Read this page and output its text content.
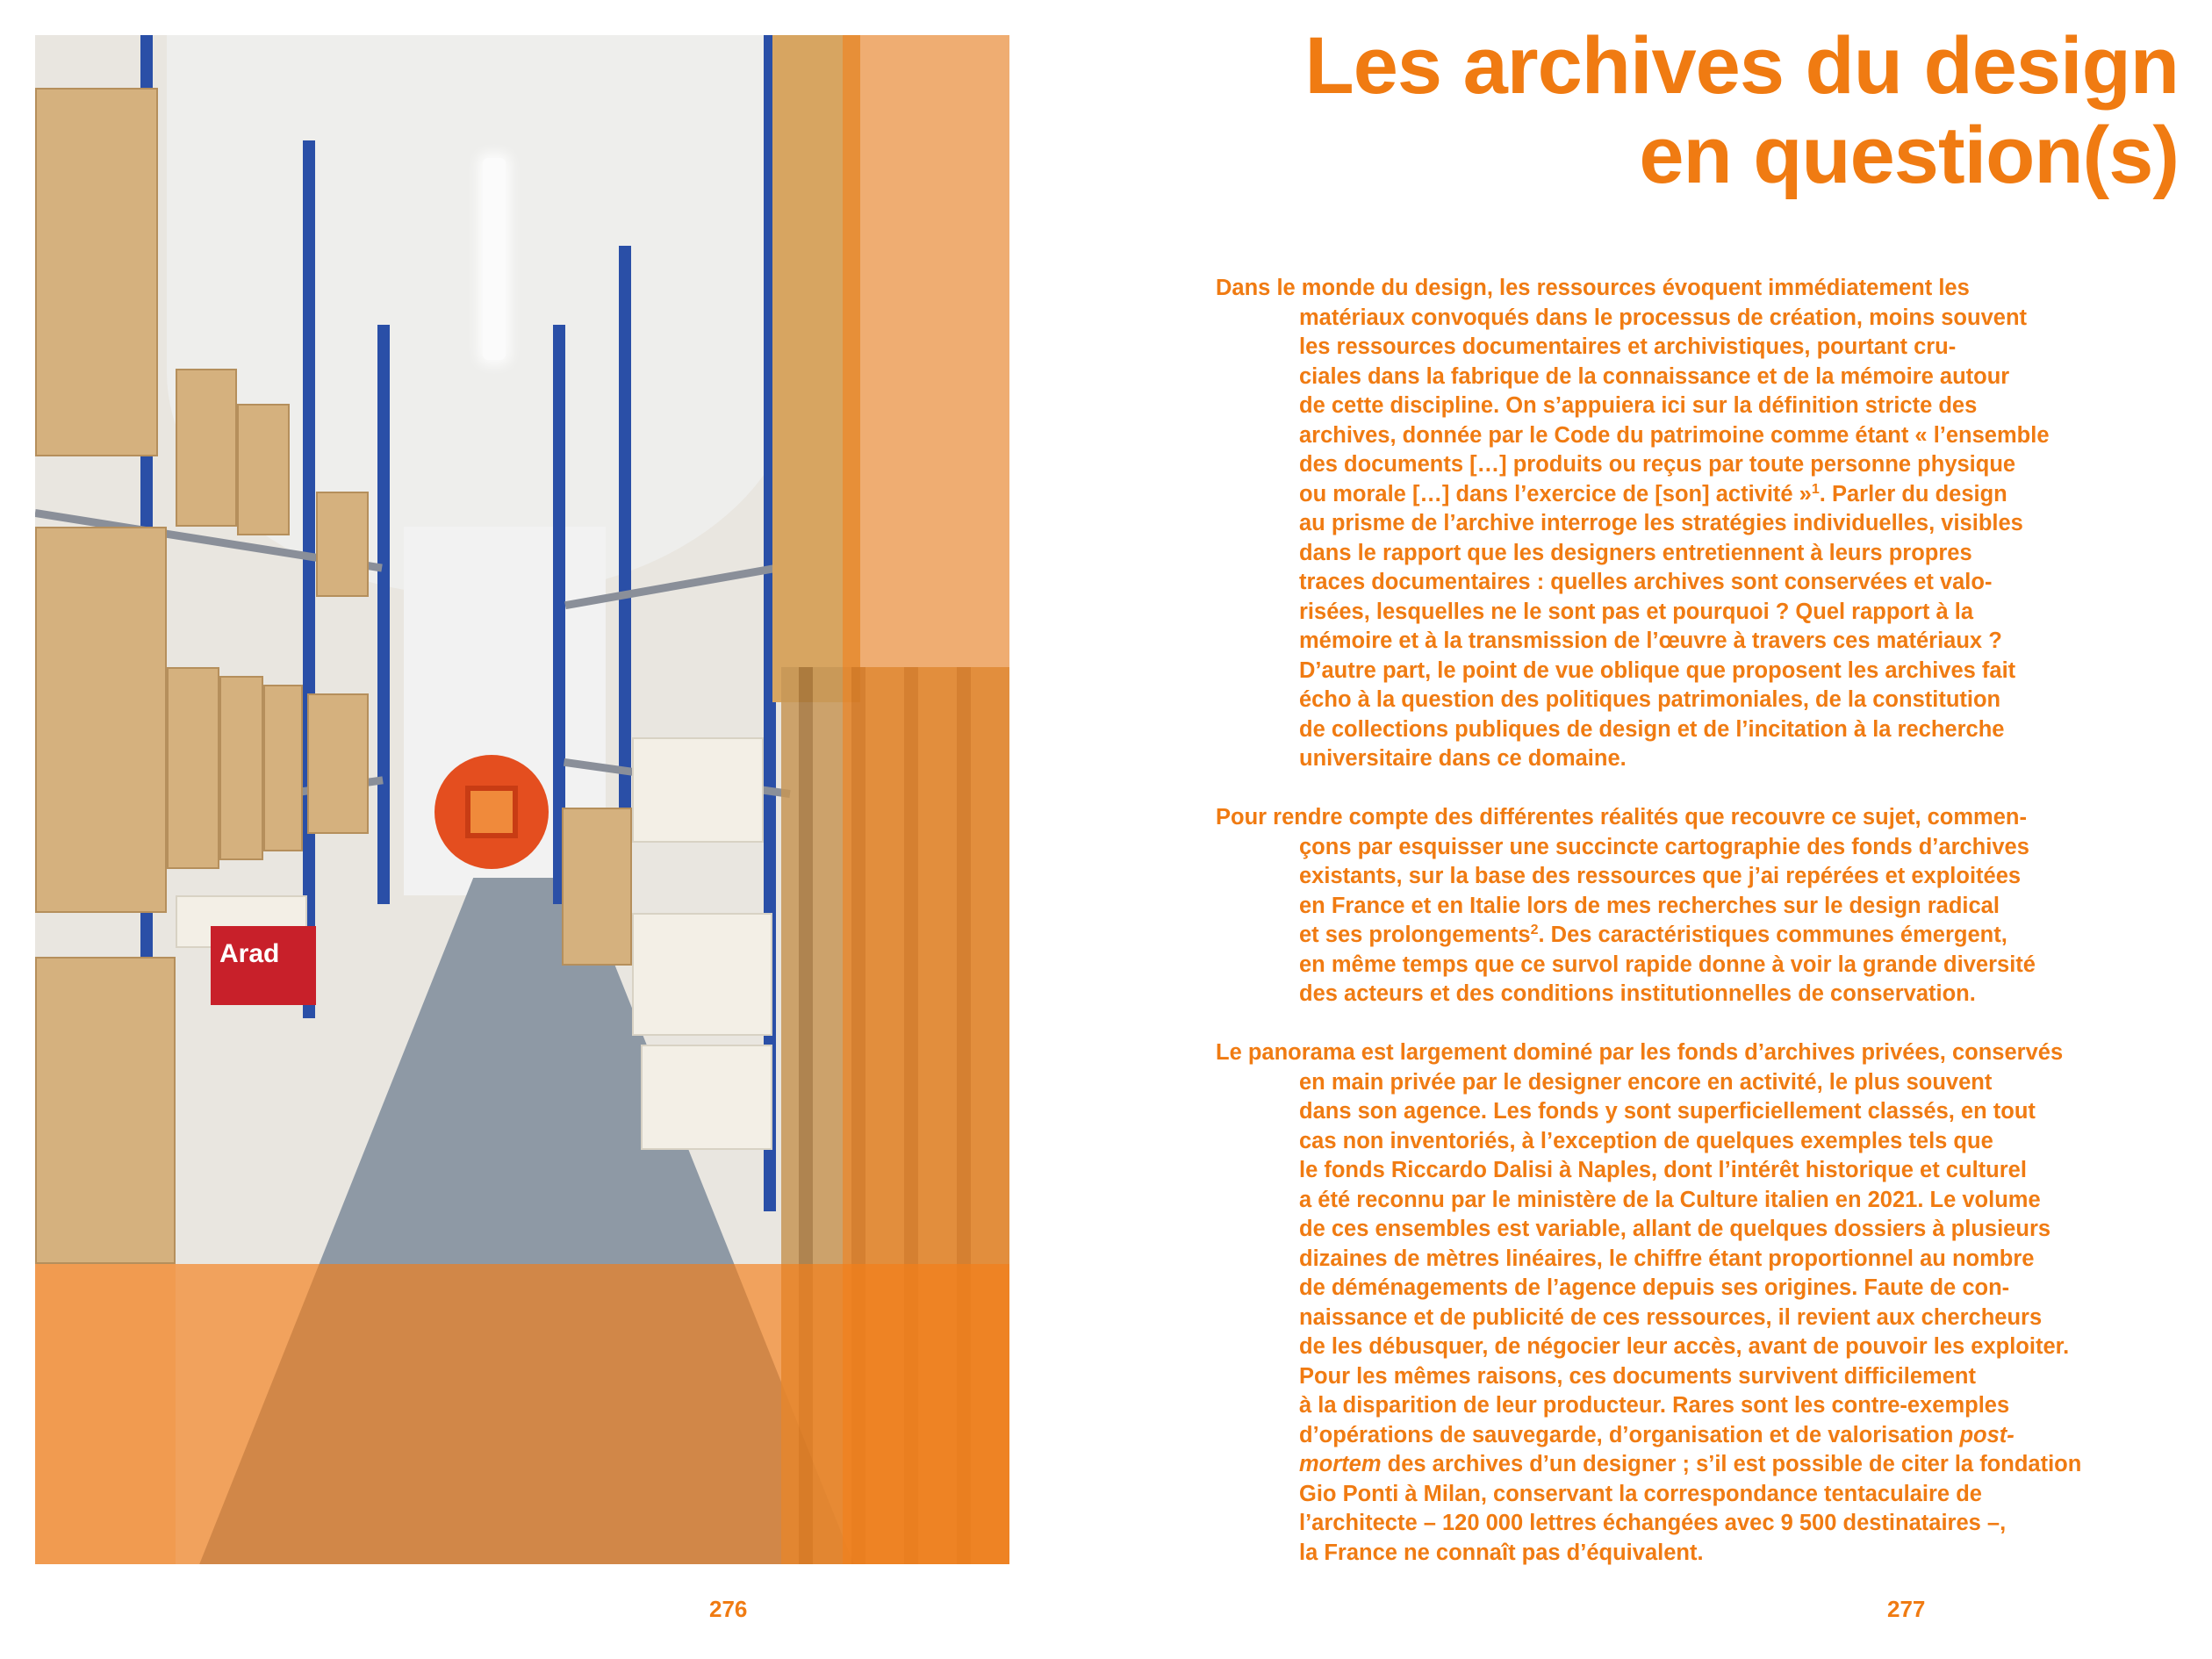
Arad
Les archives du design
en question(s)
Dans le monde du design, les ressources évoquent immédiatement les
matériaux convoqués dans le processus de création, moins souvent
les ressources documentaires et archivistiques, pourtant cru-
ciales dans la fabrique de la connaissance et de la mémoire autour
de cette discipline. On s’appuiera ici sur la définition stricte des
archives, donnée par le Code du patrimoine comme étant « l’ensemble
des documents […] produits ou reçus par toute personne physique
ou morale […] dans l’exercice de [son] activité »$^1$. Parler du design
au prisme de l’archive interroge les stratégies individuelles, visibles
dans le rapport que les designers entretiennent à leurs propres
traces documentaires : quelles archives sont conservées et valo-
risées, lesquelles ne le sont pas et pourquoi ? Quel rapport à la
mémoire et à la transmission de l’œuvre à travers ces matériaux ?
D’autre part, le point de vue oblique que proposent les archives fait
écho à la question des politiques patrimoniales, de la constitution
de collections publiques de design et de l’incitation à la recherche
universitaire dans ce domaine.
Pour rendre compte des différentes réalités que recouvre ce sujet, commen-
çons par esquisser une succincte cartographie des fonds d’archives
existants, sur la base des ressources que j’ai repérées et exploitées
en France et en Italie lors de mes recherches sur le design radical
et ses prolongements$^2$. Des caractéristiques communes émergent,
en même temps que ce survol rapide donne à voir la grande diversité
des acteurs et des conditions institutionnelles de conservation.
Le panorama est largement dominé par les fonds d’archives privées, conservés
en main privée par le designer encore en activité, le plus souvent
dans son agence. Les fonds y sont superficiellement classés, en tout
cas non inventoriés, à l’exception de quelques exemples tels que
le fonds Riccardo Dalisi à Naples, dont l’intérêt historique et culturel
a été reconnu par le ministère de la Culture italien en 2021. Le volume
de ces ensembles est variable, allant de quelques dossiers à plusieurs
dizaines de mètres linéaires, le chiffre étant proportionnel au nombre
de déménagements de l’agence depuis ses origines. Faute de con-
naissance et de publicité de ces ressources, il revient aux chercheurs
de les débusquer, de négocier leur accès, avant de pouvoir les exploiter.
Pour les mêmes raisons, ces documents survivent difficilement
à la disparition de leur producteur. Rares sont les contre-exemples
d’opérations de sauvegarde, d’organisation et de valorisation post-
mortem des archives d’un designer ; s’il est possible de citer la fondation
Gio Ponti à Milan, conservant la correspondance tentaculaire de
l’architecte – 120 000 lettres échangées avec 9 500 destinataires –,
la France ne connaît pas d’équivalent.
276	277
